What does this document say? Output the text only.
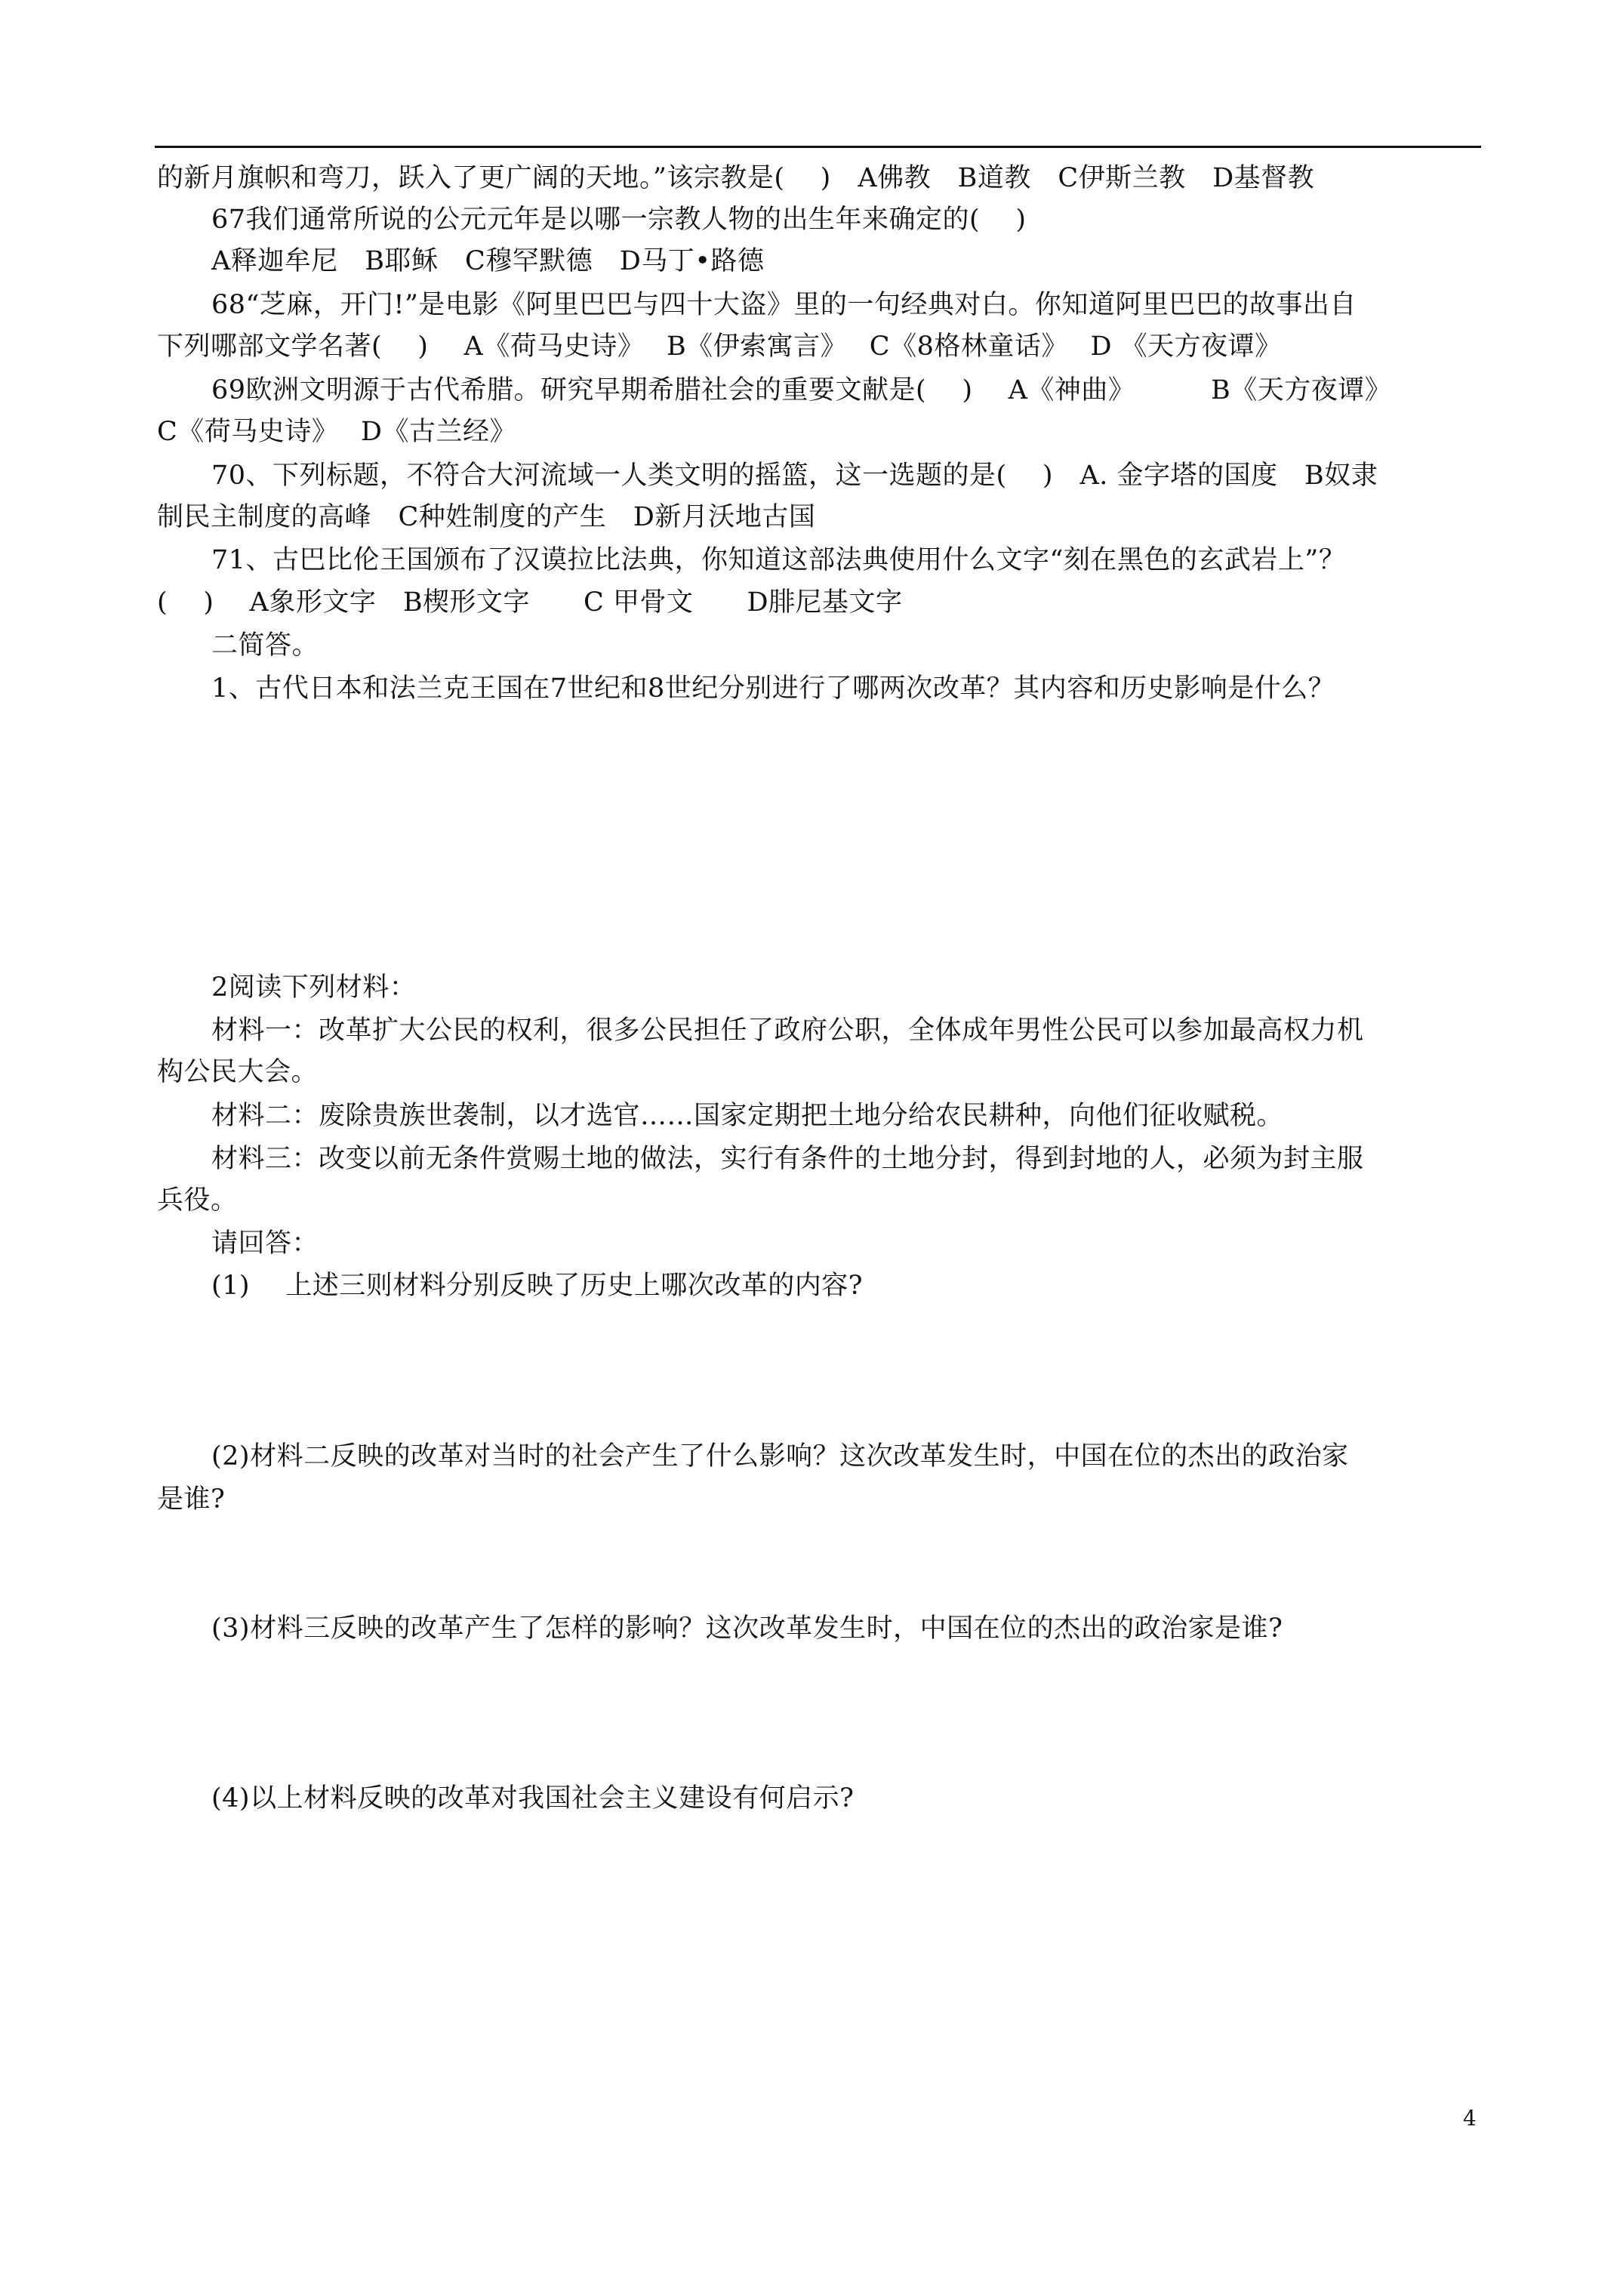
的新月旗帜和弯刀，跃入了更广阔的天地。”该宗教是(　 )　A佛教　B道教　C伊斯兰教　D基督教
67我们通常所说的公元元年是以哪一宗教人物的出生年来确定的(　 )
A释迦牟尼　B耶稣　C穆罕默德　D马丁•路德
68“芝麻，开门!”是电影《阿里巴巴与四十大盗》里的一句经典对白。你知道阿里巴巴的故事出自
下列哪部文学名著(　 )　 A《荷马史诗》　 B《伊索寓言》　 C《8格林童话》　 D 《天方夜谭》
69欧洲文明源于古代希腊。研究早期希腊社会的重要文献是(　 )　 A《神曲》　　　 B《天方夜谭》
C《荷马史诗》　 D《古兰经》
70、下列标题，不符合大河流域一人类文明的摇篮，这一选题的是(　 )　A. 金字塔的国度　B奴隶
制民主制度的高峰　C种姓制度的产生　D新月沃地古国
71、古巴比伦王国颁布了汉谟拉比法典，你知道这部法典使用什么文字“刻在黑色的玄武岩上”？
(　 )　 A象形文字　B楔形文字　　C 甲骨文　　D腓尼基文字
二简答。
1、古代日本和法兰克王国在7世纪和8世纪分别进行了哪两次改革？其内容和历史影响是什么？
2阅读下列材料：
材料一：改革扩大公民的权利，很多公民担任了政府公职，全体成年男性公民可以参加最高权力机
构公民大会。
材料二：废除贵族世袭制，以才选官……国家定期把土地分给农民耕种，向他们征收赋税。
材料三：改变以前无条件赏赐土地的做法，实行有条件的土地分封，得到封地的人，必须为封主服
兵役。
请回答：
(1)　 上述三则材料分别反映了历史上哪次改革的内容?
(2)材料二反映的改革对当时的社会产生了什么影响？这次改革发生时，中国在位的杰出的政治家
是谁?
(3)材料三反映的改革产生了怎样的影响？这次改革发生时，中国在位的杰出的政治家是谁?
(4)以上材料反映的改革对我国社会主义建设有何启示?
4
